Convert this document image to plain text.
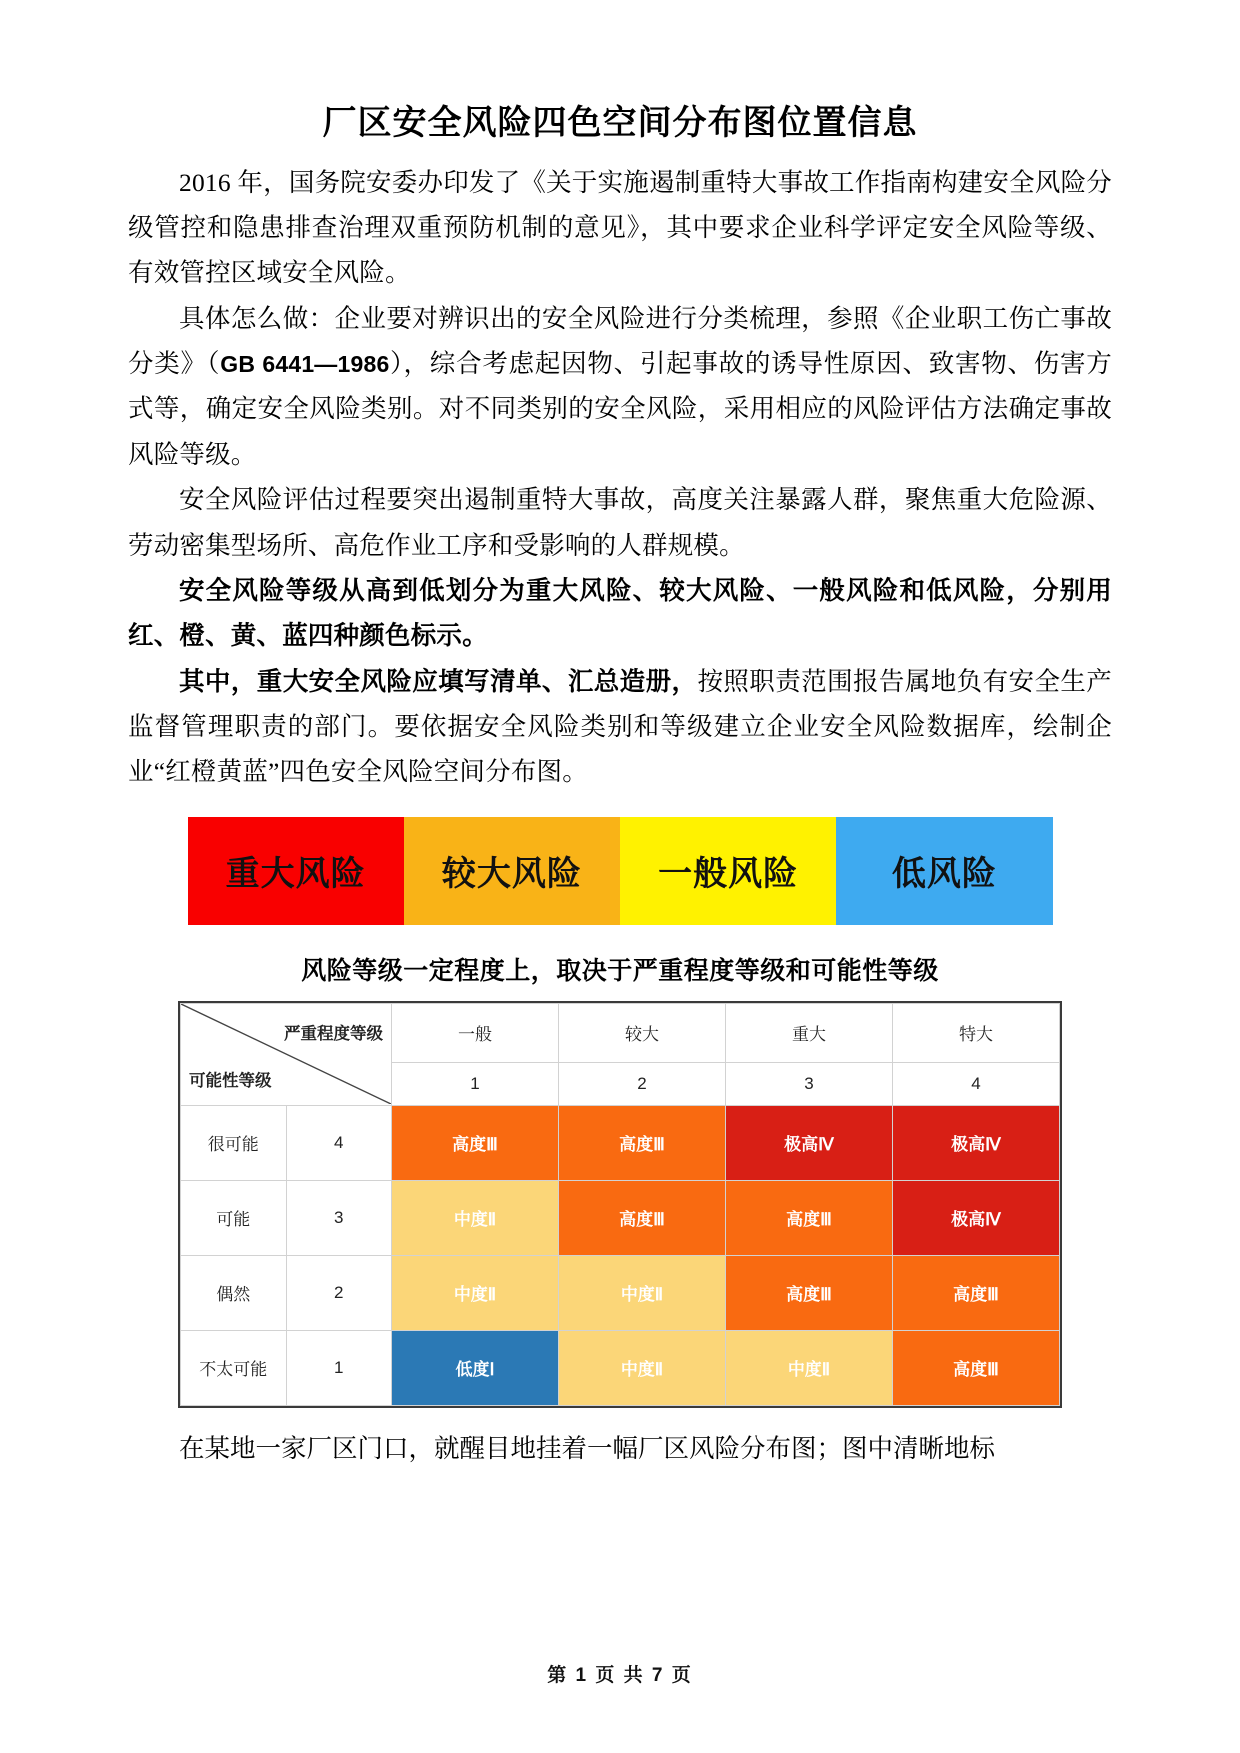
厂区安全风险四色空间分布图位置信息

2016 年，国务院安委办印发了《关于实施遏制重特大事故工作指南构建安全风险分级管控和隐患排查治理双重预防机制的意见》，其中要求企业科学评定安全风险等级、有效管控区域安全风险。

具体怎么做：企业要对辨识出的安全风险进行分类梳理，参照《企业职工伤亡事故分类》（GB 6441—1986），综合考虑起因物、引起事故的诱导性原因、致害物、伤害方式等，确定安全风险类别。对不同类别的安全风险，采用相应的风险评估方法确定事故风险等级。

安全风险评估过程要突出遏制重特大事故，高度关注暴露人群，聚焦重大危险源、劳动密集型场所、高危作业工序和受影响的人群规模。

安全风险等级从高到低划分为重大风险、较大风险、一般风险和低风险，分别用红、橙、黄、蓝四种颜色标示。

其中，重大安全风险应填写清单、汇总造册，按照职责范围报告属地负有安全生产监督管理职责的部门。要依据安全风险类别和等级建立企业安全风险数据库，绘制企业“红橙黄蓝”四色安全风险空间分布图。

重大风险 较大风险 一般风险	低风险
风险等级一定程度上，取决于严重程度等级和可能性等级
严重程度等级
可能性等级		一般	较大	重大	特大
		1	2	3	4
很可能	4	高度Ⅲ	高度Ⅲ	极高Ⅳ	极高Ⅳ
可能	3	中度Ⅱ	高度Ⅲ	高度Ⅲ	极高Ⅳ
偶然	2	中度Ⅱ	中度Ⅱ	高度Ⅲ	高度Ⅲ
不太可能	1	低度Ⅰ	中度Ⅱ	中度Ⅱ	高度Ⅲ

在某地一家厂区门口，就醒目地挂着一幅厂区风险分布图；图中清晰地标

第 1 页 共 7 页
